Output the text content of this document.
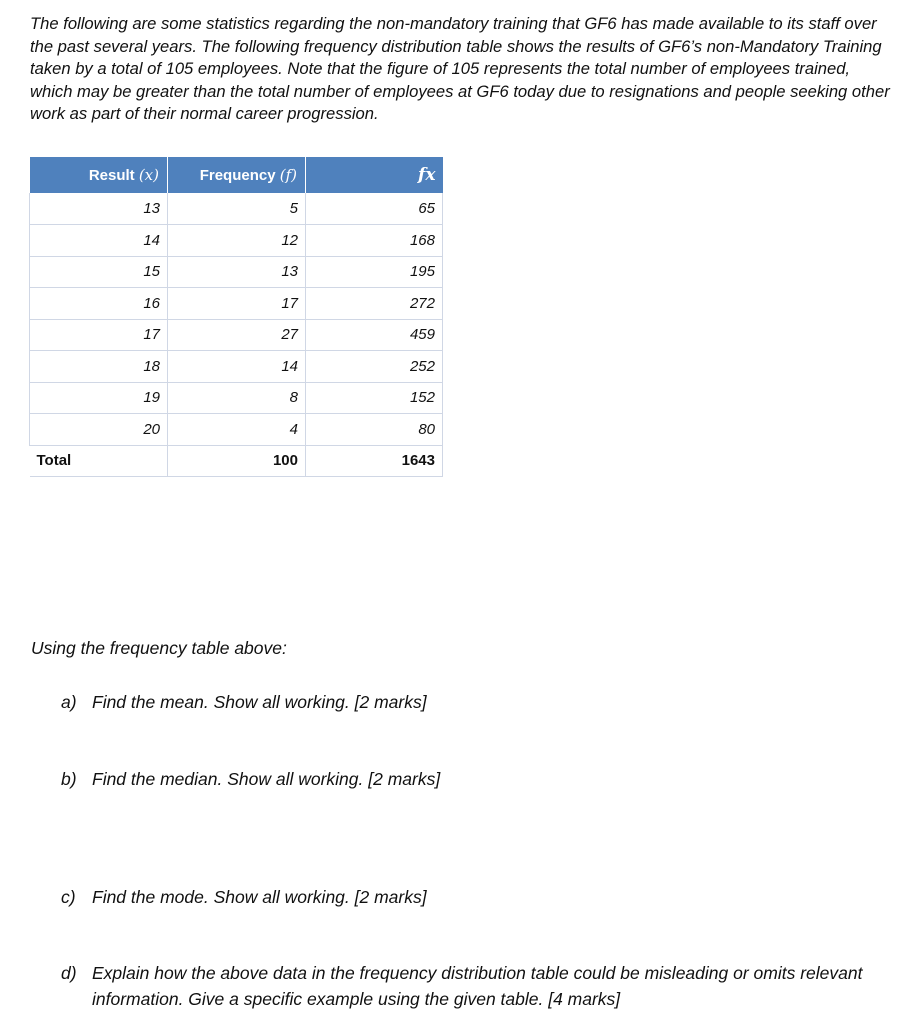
The following are some statistics regarding the non-mandatory training that GF6 has made available to its staff over the past several years. The following frequency distribution table shows the results of GF6’s non-Mandatory Training taken by a total of 105 employees. Note that the figure of 105 represents the total number of employees trained, which may be greater than the total number of employees at GF6 today due to resignations and people seeking other work as part of their normal career progression.

Result (x)	Frequency (f)	fx
13	5	65
14	12	168
15	13	195
16	17	272
17	27	459
18	14	252
19	8	152
20	4	80
Total	100	1643

Using the frequency table above:

a) Find the mean. Show all working. [2 marks]
b) Find the median. Show all working. [2 marks]
c) Find the mode. Show all working. [2 marks]
d) Explain how the above data in the frequency distribution table could be misleading or omits relevant information. Give a specific example using the given table. [4 marks]
